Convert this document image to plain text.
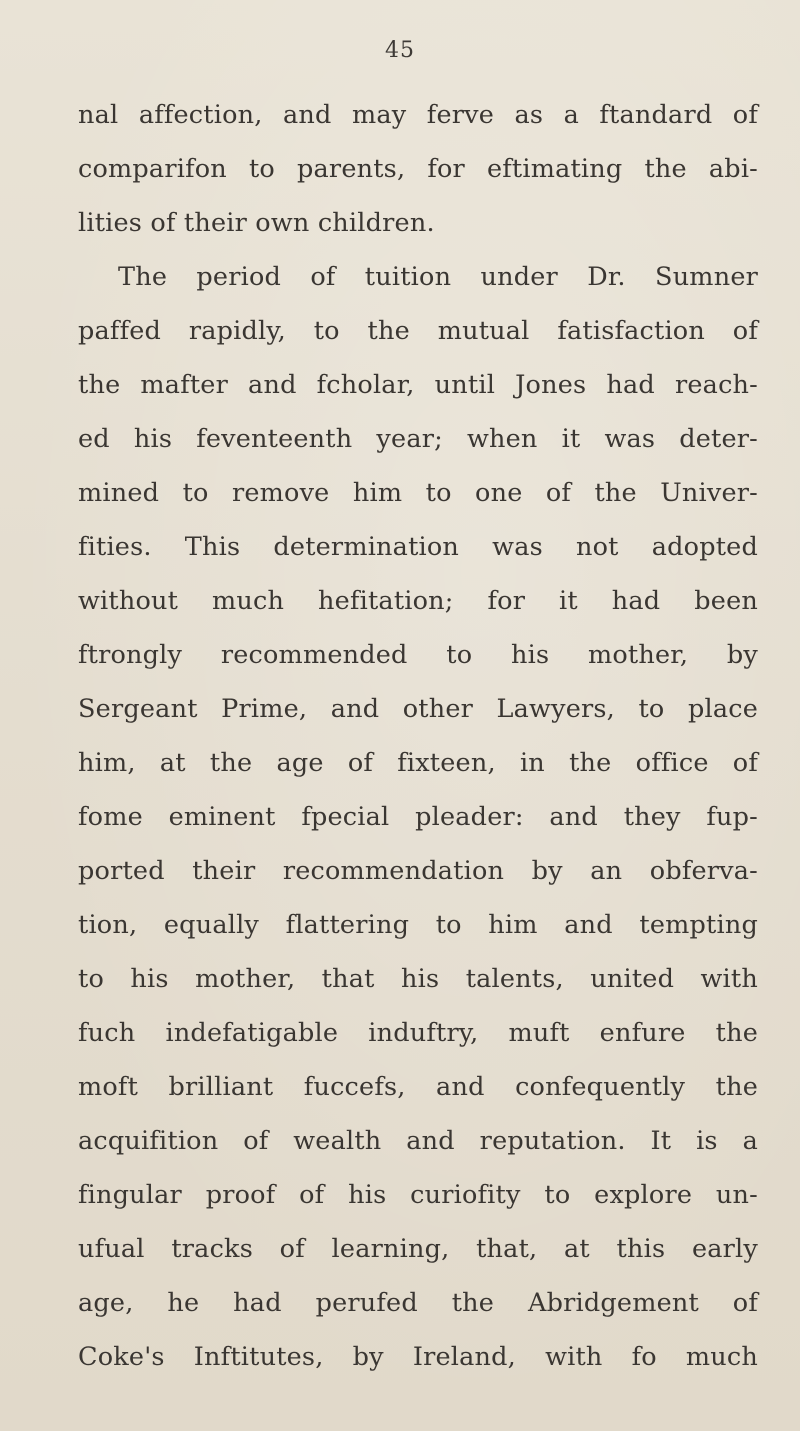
45
nal affection, and may ferve as a ftandard of
comparifon to parents, for eftimating the abi-
lities of their own children.
The period of tuition under Dr. Sumner
paffed rapidly, to the mutual fatisfaction of
the mafter and fcholar, until Jones had reach-
ed his feventeenth year; when it was deter-
mined to remove him to one of the Univer-
fities. This determination was not adopted
without much hefitation; for it had been
ftrongly recommended to his mother, by
Sergeant Prime, and other Lawyers, to place
him, at the age of fixteen, in the office of
fome eminent fpecial pleader: and they fup-
ported their recommendation by an obferva-
tion, equally flattering to him and tempting
to his mother, that his talents, united with
fuch indefatigable induftry, muft enfure the
moft brilliant fuccefs, and confequently the
acquifition of wealth and reputation. It is a
fingular proof of his curiofity to explore un-
ufual tracks of learning, that, at this early
age, he had perufed the Abridgement of
Coke's Inftitutes, by Ireland, with fo much
